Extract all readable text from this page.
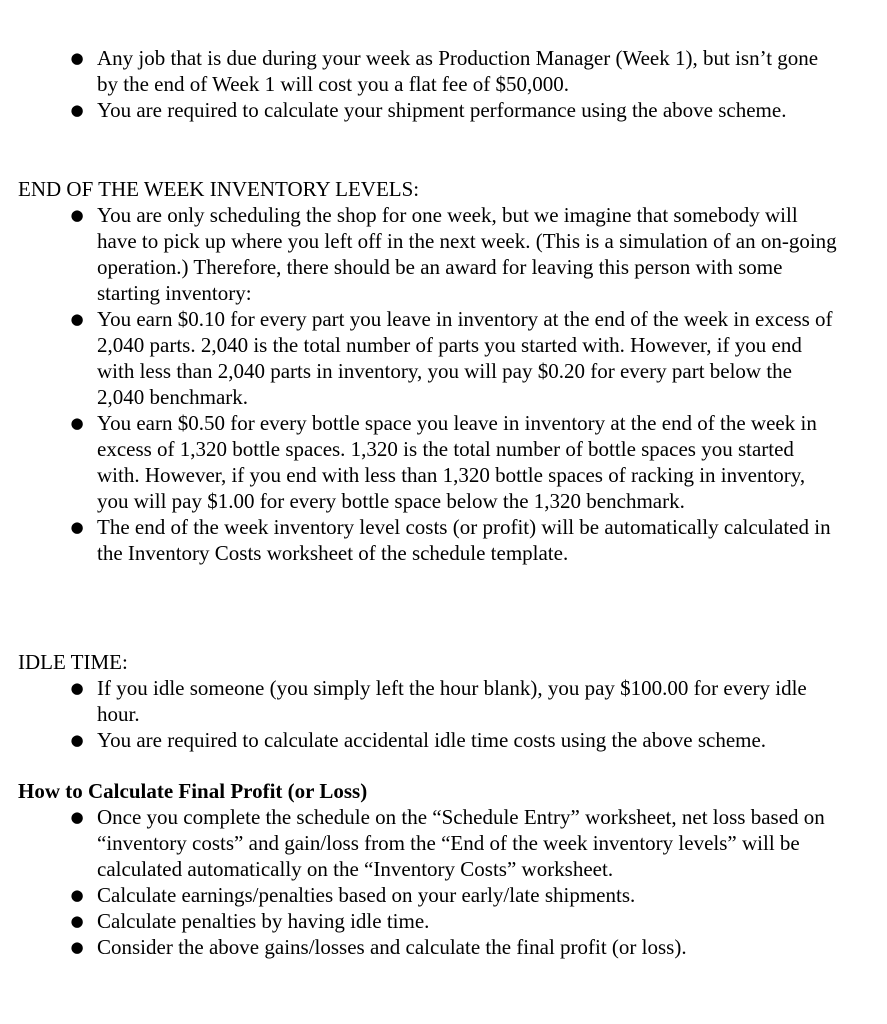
● Any job that is due during your week as Production Manager (Week 1), but isn’t gone by the end of Week 1 will cost you a flat fee of $50,000.
● You are required to calculate your shipment performance using the above scheme.
END OF THE WEEK INVENTORY LEVELS:
● You are only scheduling the shop for one week, but we imagine that somebody will have to pick up where you left off in the next week. (This is a simulation of an on-going operation.) Therefore, there should be an award for leaving this person with some starting inventory:
● You earn $0.10 for every part you leave in inventory at the end of the week in excess of 2,040 parts. 2,040 is the total number of parts you started with. However, if you end with less than 2,040 parts in inventory, you will pay $0.20 for every part below the 2,040 benchmark.
● You earn $0.50 for every bottle space you leave in inventory at the end of the week in excess of 1,320 bottle spaces. 1,320 is the total number of bottle spaces you started with. However, if you end with less than 1,320 bottle spaces of racking in inventory, you will pay $1.00 for every bottle space below the 1,320 benchmark.
● The end of the week inventory level costs (or profit) will be automatically calculated in the Inventory Costs worksheet of the schedule template.
IDLE TIME:
● If you idle someone (you simply left the hour blank), you pay $100.00 for every idle hour.
● You are required to calculate accidental idle time costs using the above scheme.
How to Calculate Final Profit (or Loss)
● Once you complete the schedule on the “Schedule Entry” worksheet, net loss based on “inventory costs” and gain/loss from the “End of the week inventory levels” will be calculated automatically on the “Inventory Costs” worksheet.
● Calculate earnings/penalties based on your early/late shipments.
● Calculate penalties by having idle time.
● Consider the above gains/losses and calculate the final profit (or loss).
